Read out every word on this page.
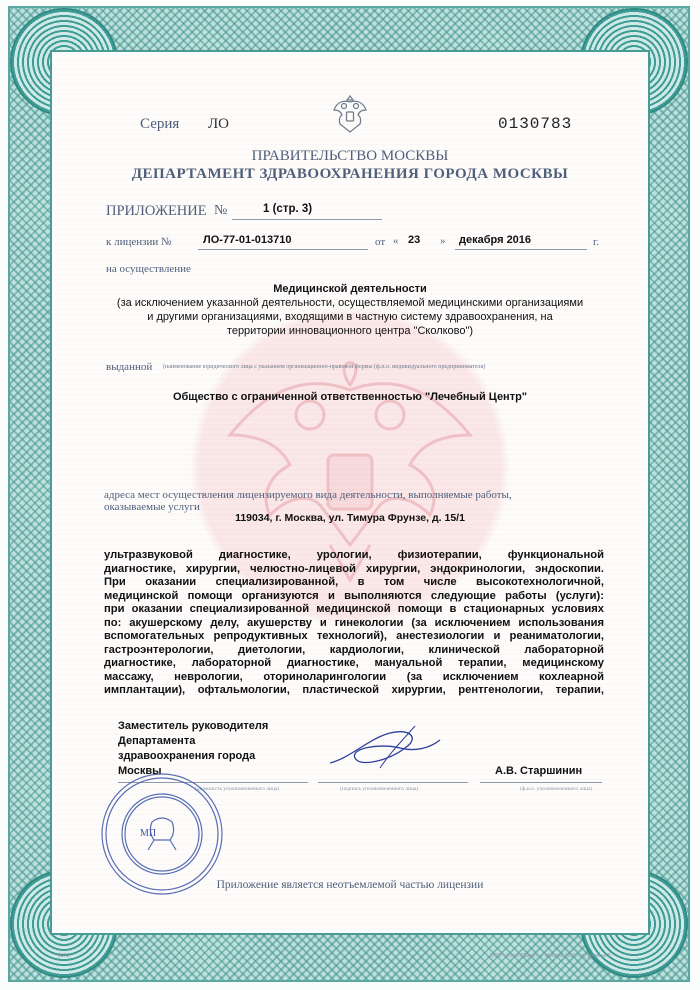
Серия ЛО	0130783
ПРАВИТЕЛЬСТВО МОСКВЫ
ДЕПАРТАМЕНТ ЗДРАВООХРАНЕНИЯ ГОРОДА МОСКВЫ
ПРИЛОЖЕНИЕ №	1 (стр. 3)
к лицензии №	ЛО-77-01-013710	от « 23 » декабря 2016	г.
на осуществление
Медицинской деятельности
(за исключением указанной деятельности, осуществляемой медицинскими организациями
и другими организациями, входящими в частную систему здравоохранения, на
территории инновационного центра "Сколково")
выданной (наименование юридического лица с указанием организационно-правовой формы (ф.и.о. индивидуального предпринимателя)
Общество с ограниченной ответственностью "Лечебный Центр"
адреса мест осуществления лицензируемого вида деятельности, выполняемые работы,
оказываемые услуги
119034, г. Москва, ул. Тимура Фрунзе, д. 15/1
ультразвуковой диагностике, урологии, физиотерапии, функциональной
диагностике, хирургии, челюстно-лицевой хирургии, эндокринологии, эндоскопии.
При оказании специализированной, в том числе высокотехнологичной,
медицинской помощи организуются и выполняются следующие работы (услуги):
при оказании специализированной медицинской помощи в стационарных условиях
по: акушерскому делу, акушерству и гинекологии (за исключением использования
вспомогательных репродуктивных технологий), анестезиологии и реаниматологии,
гастроэнтерологии, диетологии, кардиологии, клинической лабораторной
диагностике, лабораторной диагностике, мануальной терапии, медицинскому
массажу, неврологии, оториноларингологии (за исключением кохлеарной
имплантации), офтальмологии, пластической хирургии, рентгенологии, терапии,
Заместитель руководителя
Департамента
здравоохранения города
Москвы	А.В. Старшинин
(должность уполномоченного лица)	(подпись уполномоченного лица)	(ф.и.о. уполномоченного лица)
МП
Приложение является неотъемлемой частью лицензии
0378	ООО «Атлас-Принт», г. Москва, 2015 год, уровень Б
